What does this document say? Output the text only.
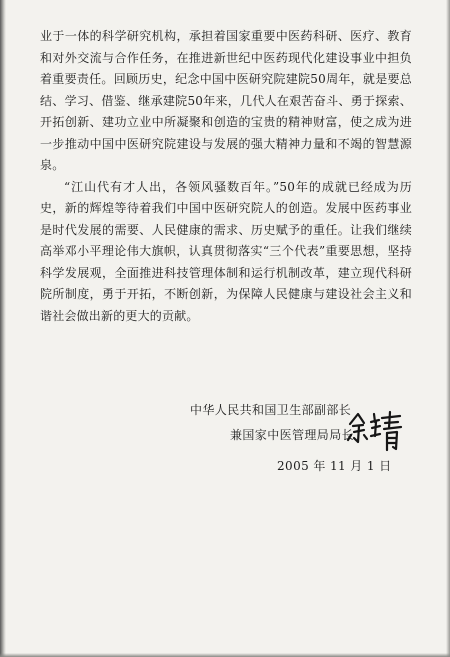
业于一体的科学研究机构，承担着国家重要中医药科研、医疗、教育和对外交流与合作任务，在推进新世纪中医药现代化建设事业中担负着重要责任。回顾历史，纪念中国中医研究院建院50周年，就是要总结、学习、借鉴、继承建院50年来，几代人在艰苦奋斗、勇于探索、开拓创新、建功立业中所凝聚和创造的宝贵的精神财富，使之成为进一步推动中国中医研究院建设与发展的强大精神力量和不竭的智慧源泉。

“江山代有才人出，各领风骚数百年。”50年的成就已经成为历史，新的辉煌等待着我们中国中医研究院人的创造。发展中医药事业是时代发展的需要、人民健康的需求、历史赋予的重任。让我们继续高举邓小平理论伟大旗帜，认真贯彻落实“三个代表”重要思想，坚持科学发展观，全面推进科技管理体制和运行机制改革，建立现代科研院所制度，勇于开拓，不断创新，为保障人民健康与建设社会主义和谐社会做出新的更大的贡献。

中华人民共和国卫生部副部长
兼国家中医管理局局长
2005 年 11 月 1 日
